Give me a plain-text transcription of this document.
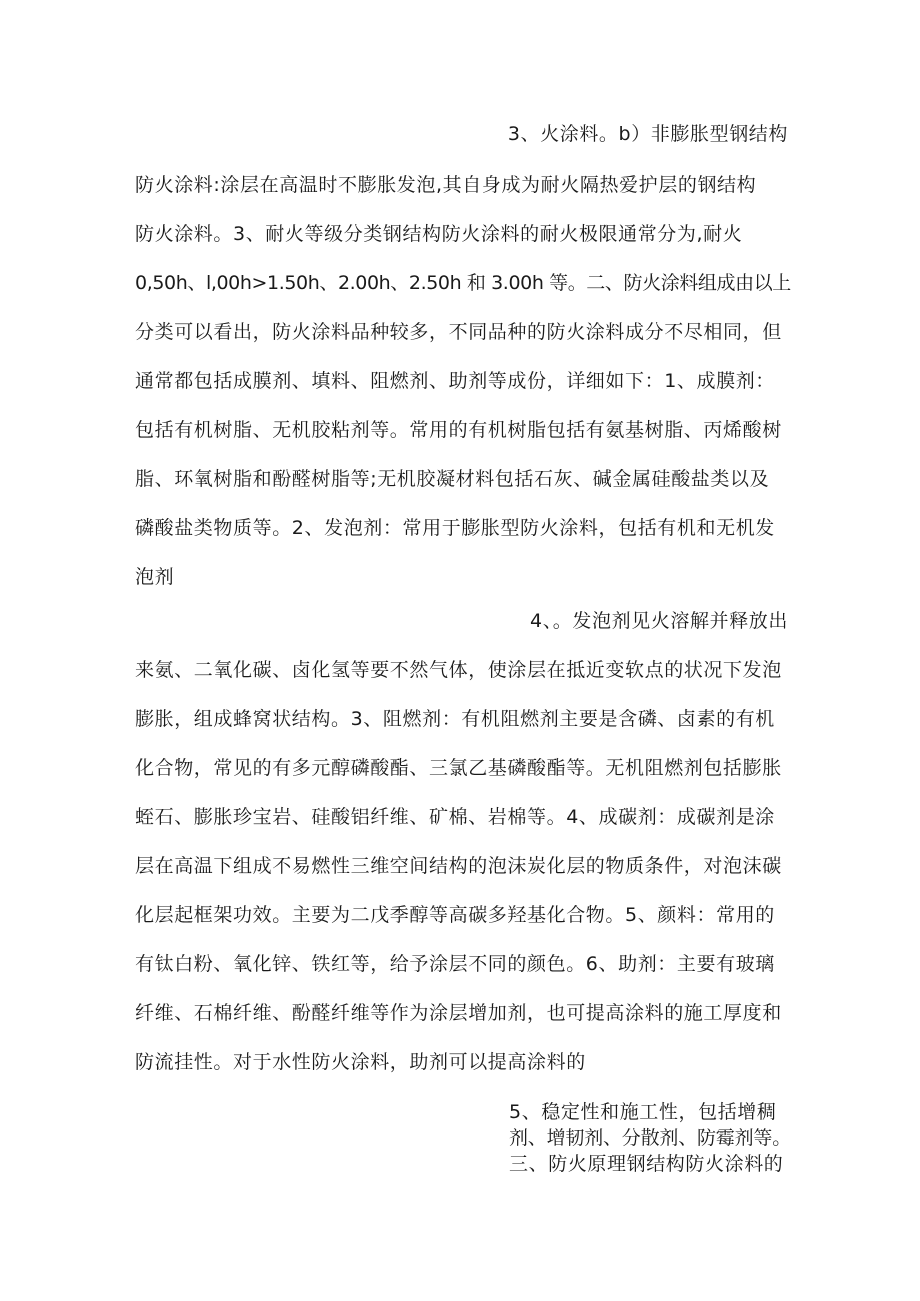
3、火涂料。b）非膨胀型钢结构
防火涂料:涂层在高温时不膨胀发泡,其自身成为耐火隔热爱护层的钢结构
防火涂料。3、耐火等级分类钢结构防火涂料的耐火极限通常分为,耐火
0,50h、l,00h>1.50h、2.00h、2.50h 和 3.00h 等。二、防火涂料组成由以上
分类可以看出，防火涂料品种较多，不同品种的防火涂料成分不尽相同，但
通常都包括成膜剂、填料、阻燃剂、助剂等成份，详细如下：1、成膜剂：
包括有机树脂、无机胶粘剂等。常用的有机树脂包括有氨基树脂、丙烯酸树
脂、环氧树脂和酚醛树脂等;无机胶凝材料包括石灰、碱金属硅酸盐类以及
磷酸盐类物质等。2、发泡剂：常用于膨胀型防火涂料，包括有机和无机发
泡剂
4、。发泡剂见火溶解并释放出
来氨、二氧化碳、卤化氢等要不然气体，使涂层在抵近变软点的状况下发泡
膨胀，组成蜂窝状结构。3、阻燃剂：有机阻燃剂主要是含磷、卤素的有机
化合物，常见的有多元醇磷酸酯、三氯乙基磷酸酯等。无机阻燃剂包括膨胀
蛭石、膨胀珍宝岩、硅酸铝纤维、矿棉、岩棉等。4、成碳剂：成碳剂是涂
层在高温下组成不易燃性三维空间结构的泡沫炭化层的物质条件，对泡沫碳
化层起框架功效。主要为二戊季醇等高碳多羟基化合物。5、颜料：常用的
有钛白粉、氧化锌、铁红等，给予涂层不同的颜色。6、助剂：主要有玻璃
纤维、石棉纤维、酚醛纤维等作为涂层增加剂，也可提高涂料的施工厚度和
防流挂性。对于水性防火涂料，助剂可以提高涂料的
5、稳定性和施工性，包括增稠
剂、增韧剂、分散剂、防霉剂等。
三、防火原理钢结构防火涂料的
